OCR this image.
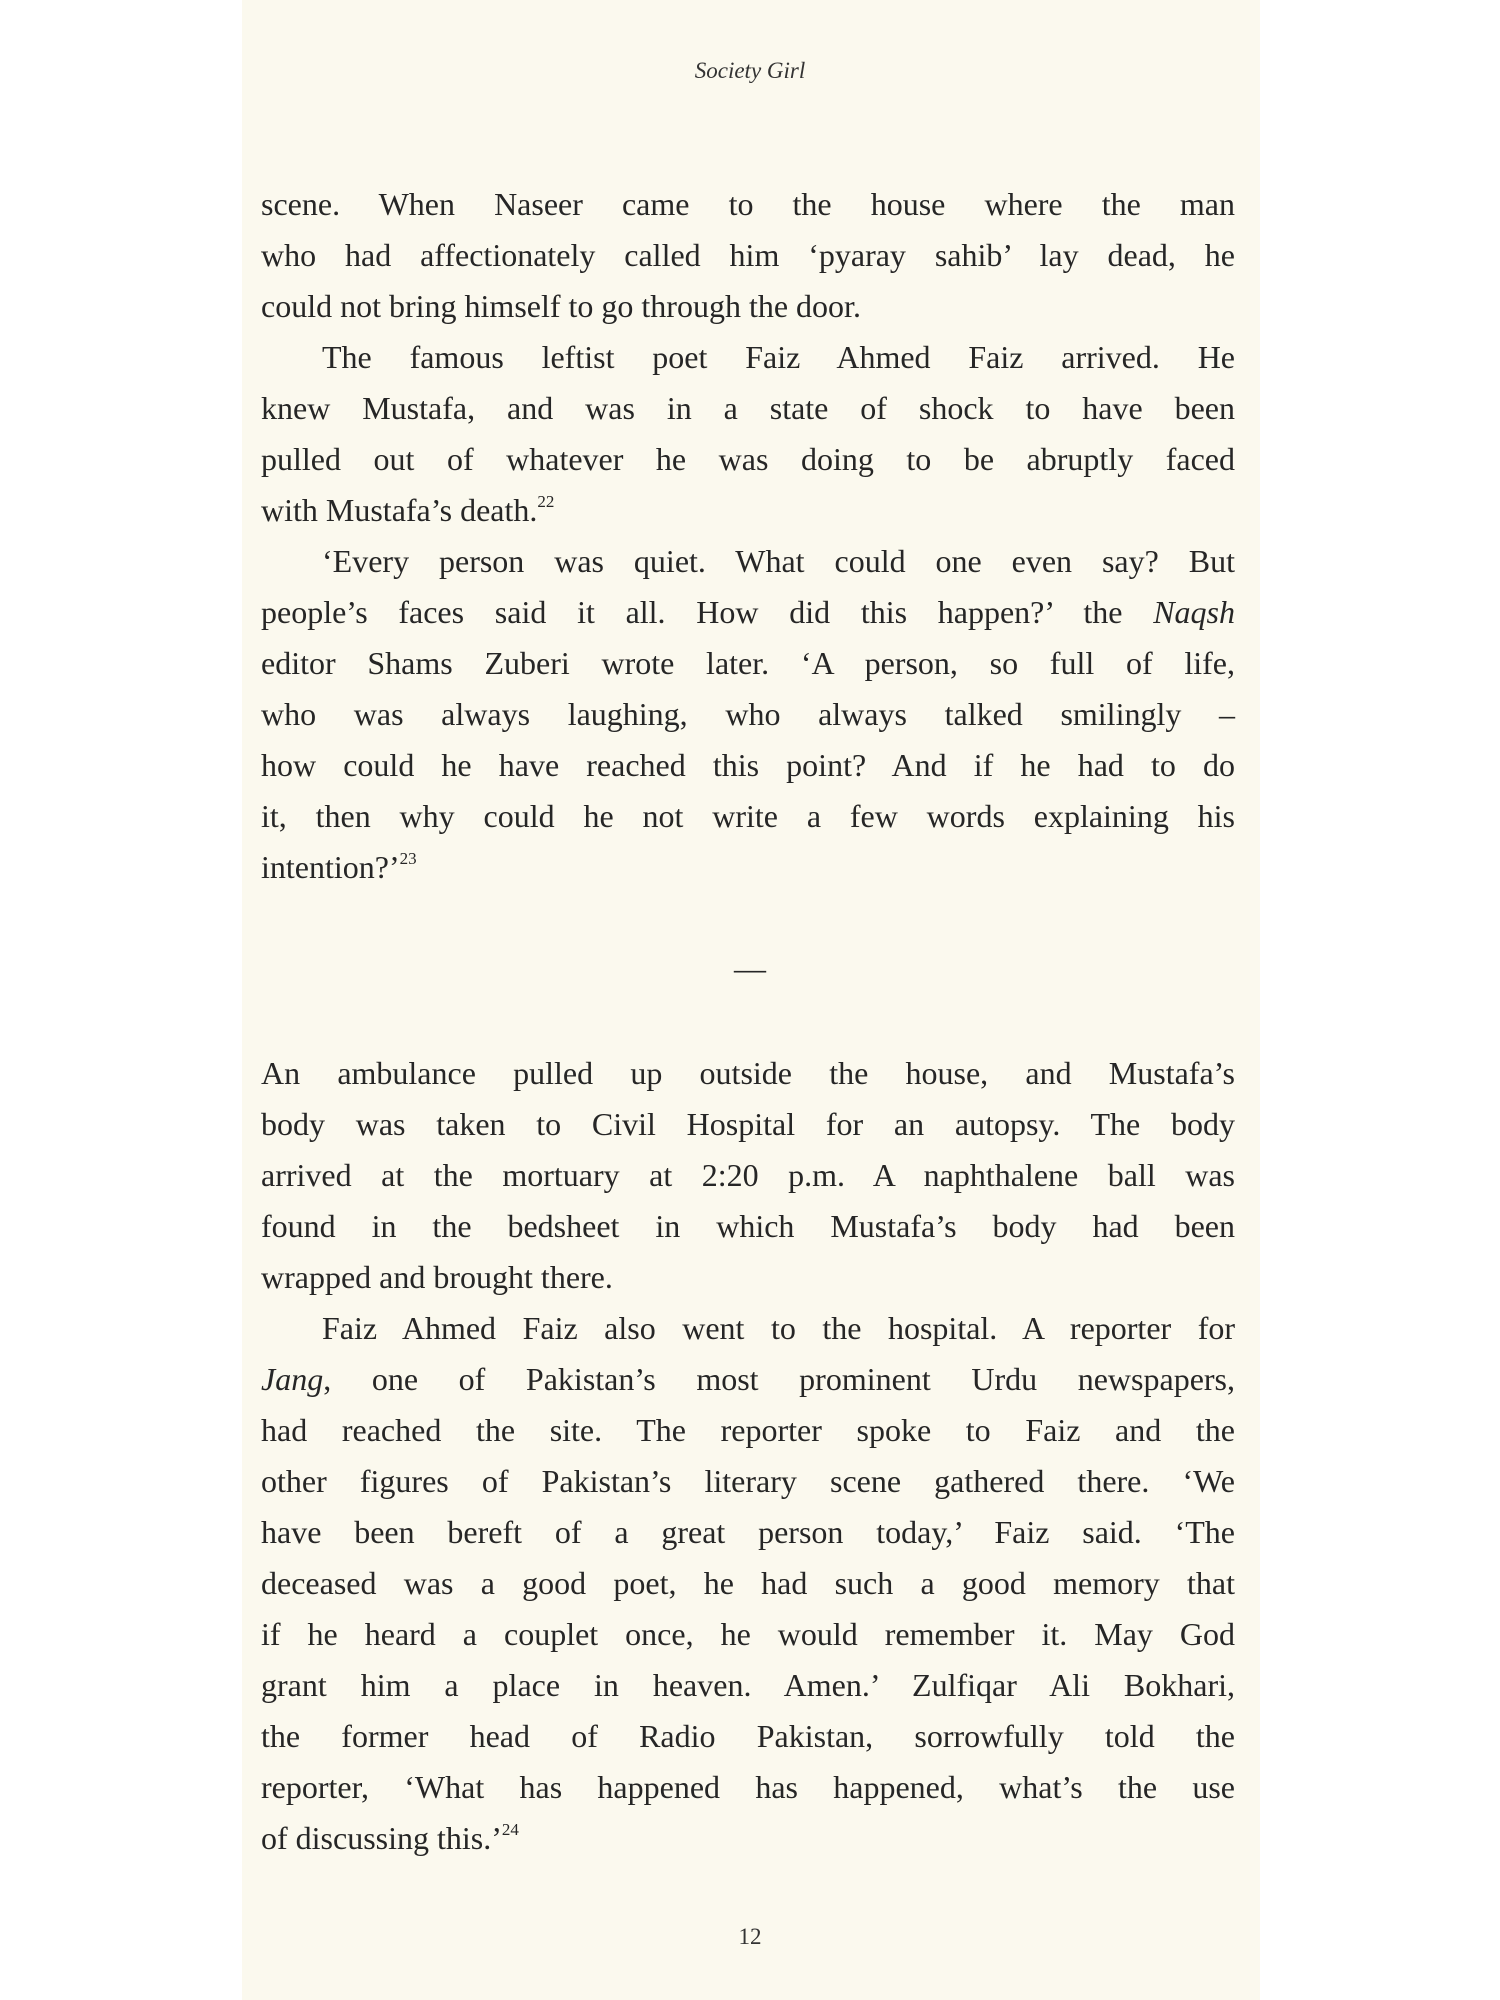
Society Girl
scene. When Naseer came to the house where the man
who had affectionately called him ‘pyaray sahib’ lay dead, he
could not bring himself to go through the door.
The famous leftist poet Faiz Ahmed Faiz arrived. He
knew Mustafa, and was in a state of shock to have been
pulled out of whatever he was doing to be abruptly faced
with Mustafa’s death.$^{22}$
‘Every person was quiet. What could one even say? But
people’s faces said it all. How did this happen?’ the Naqsh
editor Shams Zuberi wrote later. ‘A person, so full of life,
who was always laughing, who always talked smilingly –
how could he have reached this point? And if he had to do
it, then why could he not write a few words explaining his
intention?’$^{23}$
—
An ambulance pulled up outside the house, and Mustafa’s
body was taken to Civil Hospital for an autopsy. The body
arrived at the mortuary at 2:20 p.m. A naphthalene ball was
found in the bedsheet in which Mustafa’s body had been
wrapped and brought there.
Faiz Ahmed Faiz also went to the hospital. A reporter for
Jang, one of Pakistan’s most prominent Urdu newspapers,
had reached the site. The reporter spoke to Faiz and the
other figures of Pakistan’s literary scene gathered there. ‘We
have been bereft of a great person today,’ Faiz said. ‘The
deceased was a good poet, he had such a good memory that
if he heard a couplet once, he would remember it. May God
grant him a place in heaven. Amen.’ Zulfiqar Ali Bokhari,
the former head of Radio Pakistan, sorrowfully told the
reporter, ‘What has happened has happened, what’s the use
of discussing this.’$^{24}$
12
